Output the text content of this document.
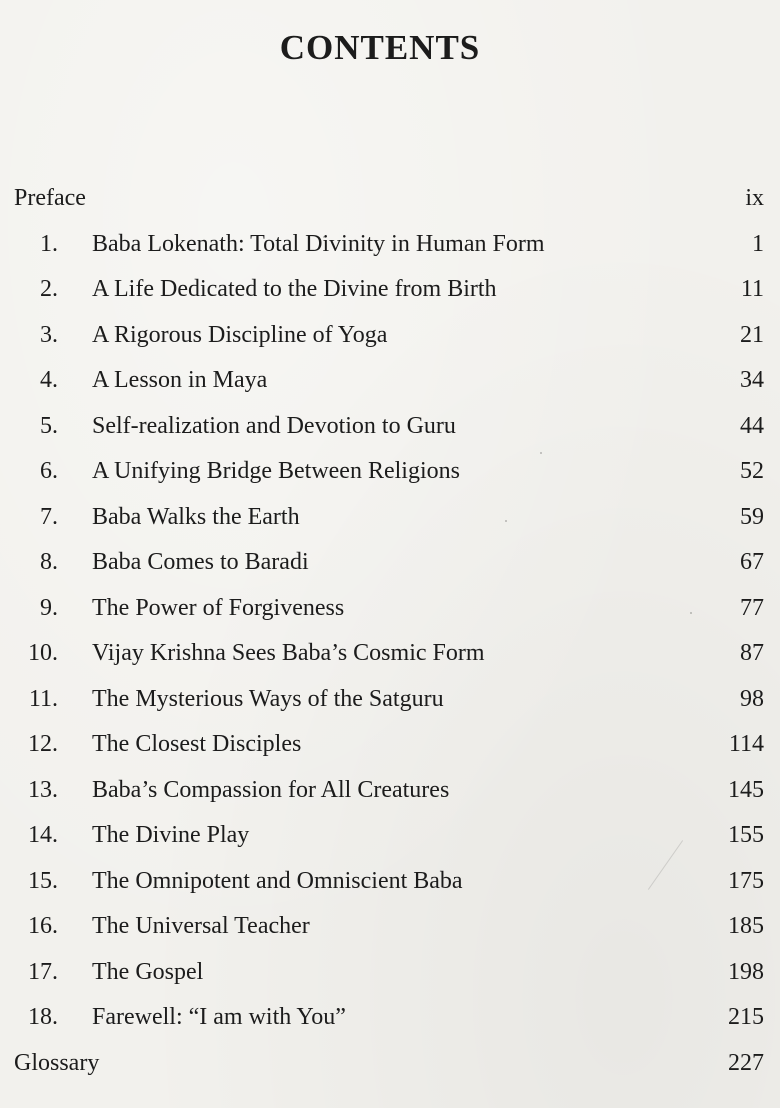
CONTENTS
Preface	ix
1. Baba Lokenath: Total Divinity in Human Form	1
2. A Life Dedicated to the Divine from Birth	11
3. A Rigorous Discipline of Yoga	21
4. A Lesson in Maya	34
5. Self-realization and Devotion to Guru	44
6. A Unifying Bridge Between Religions	52
7. Baba Walks the Earth	59
8. Baba Comes to Baradi	67
9. The Power of Forgiveness	77
10. Vijay Krishna Sees Baba’s Cosmic Form	87
11. The Mysterious Ways of the Satguru	98
12. The Closest Disciples	114
13. Baba’s Compassion for All Creatures	145
14. The Divine Play	155
15. The Omnipotent and Omniscient Baba	175
16. The Universal Teacher	185
17. The Gospel	198
18. Farewell: “I am with You”	215
Glossary	227
